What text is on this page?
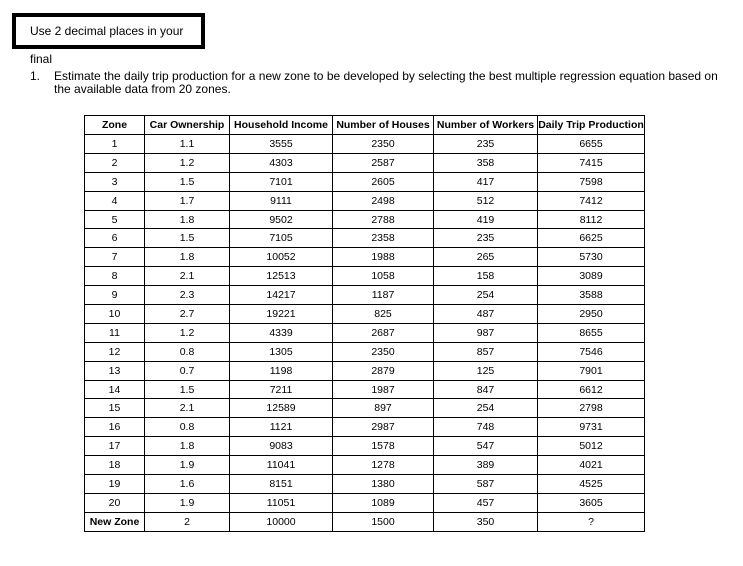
Use 2 decimal places in your final
1. Estimate the daily trip production for a new zone to be developed by selecting the best multiple regression equation based on the available data from 20 zones.
Zone	Car Ownership	Household Income	Number of Houses	Number of Workers	Daily Trip Production
1	1.1	3555	2350	235	6655
2	1.2	4303	2587	358	7415
3	1.5	7101	2605	417	7598
4	1.7	9111	2498	512	7412
5	1.8	9502	2788	419	8112
6	1.5	7105	2358	235	6625
7	1.8	10052	1988	265	5730
8	2.1	12513	1058	158	3089
9	2.3	14217	1187	254	3588
10	2.7	19221	825	487	2950
11	1.2	4339	2687	987	8655
12	0.8	1305	2350	857	7546
13	0.7	1198	2879	125	7901
14	1.5	7211	1987	847	6612
15	2.1	12589	897	254	2798
16	0.8	1121	2987	748	9731
17	1.8	9083	1578	547	5012
18	1.9	11041	1278	389	4021
19	1.6	8151	1380	587	4525
20	1.9	11051	1089	457	3605
New Zone	2	10000	1500	350	?
